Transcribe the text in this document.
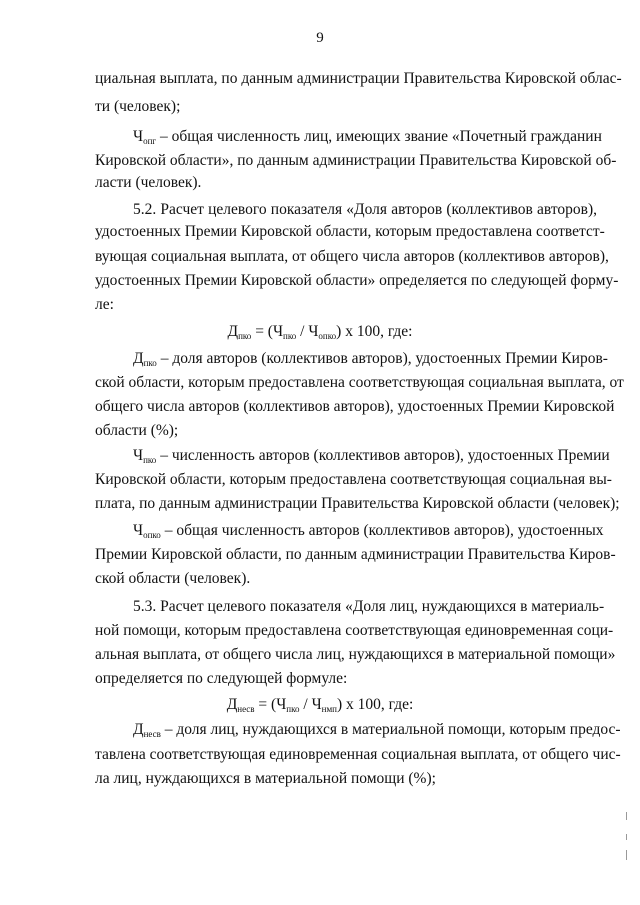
9
циальная выплата, по данным администрации Правительства Кировской облас-
ти (человек);
$Ч_{опг}$ – общая численность лиц, имеющих звание «Почетный гражданин
Кировской области», по данным администрации Правительства Кировской об-
ласти (человек).
5.2. Расчет целевого показателя «Доля авторов (коллективов авторов),
удостоенных Премии Кировской области, которым предоставлена соответст-
вующая социальная выплата, от общего числа авторов (коллективов авторов),
удостоенных Премии Кировской области» определяется по следующей форму-
ле:
$Д_{пко} = (Ч_{пко} / Ч_{опко})$ х 100, где:
$Д_{пко}$ – доля авторов (коллективов авторов), удостоенных Премии Киров-
ской области, которым предоставлена соответствующая социальная выплата, от
общего числа авторов (коллективов авторов), удостоенных Премии Кировской
области (%);
$Ч_{пко}$ – численность авторов (коллективов авторов), удостоенных Премии
Кировской области, которым предоставлена соответствующая социальная вы-
плата, по данным администрации Правительства Кировской области (человек);
$Ч_{опко}$ – общая численность авторов (коллективов авторов), удостоенных
Премии Кировской области, по данным администрации Правительства Киров-
ской области (человек).
5.3. Расчет целевого показателя «Доля лиц, нуждающихся в материаль-
ной помощи, которым предоставлена соответствующая единовременная соци-
альная выплата, от общего числа лиц, нуждающихся в материальной помощи»
определяется по следующей формуле:
$Д_{несв} = (Ч_{пко} / Ч_{нмп})$ х 100, где:
$Д_{несв}$ – доля лиц, нуждающихся в материальной помощи, которым предос-
тавлена соответствующая единовременная социальная выплата, от общего чис-
ла лиц, нуждающихся в материальной помощи (%);
